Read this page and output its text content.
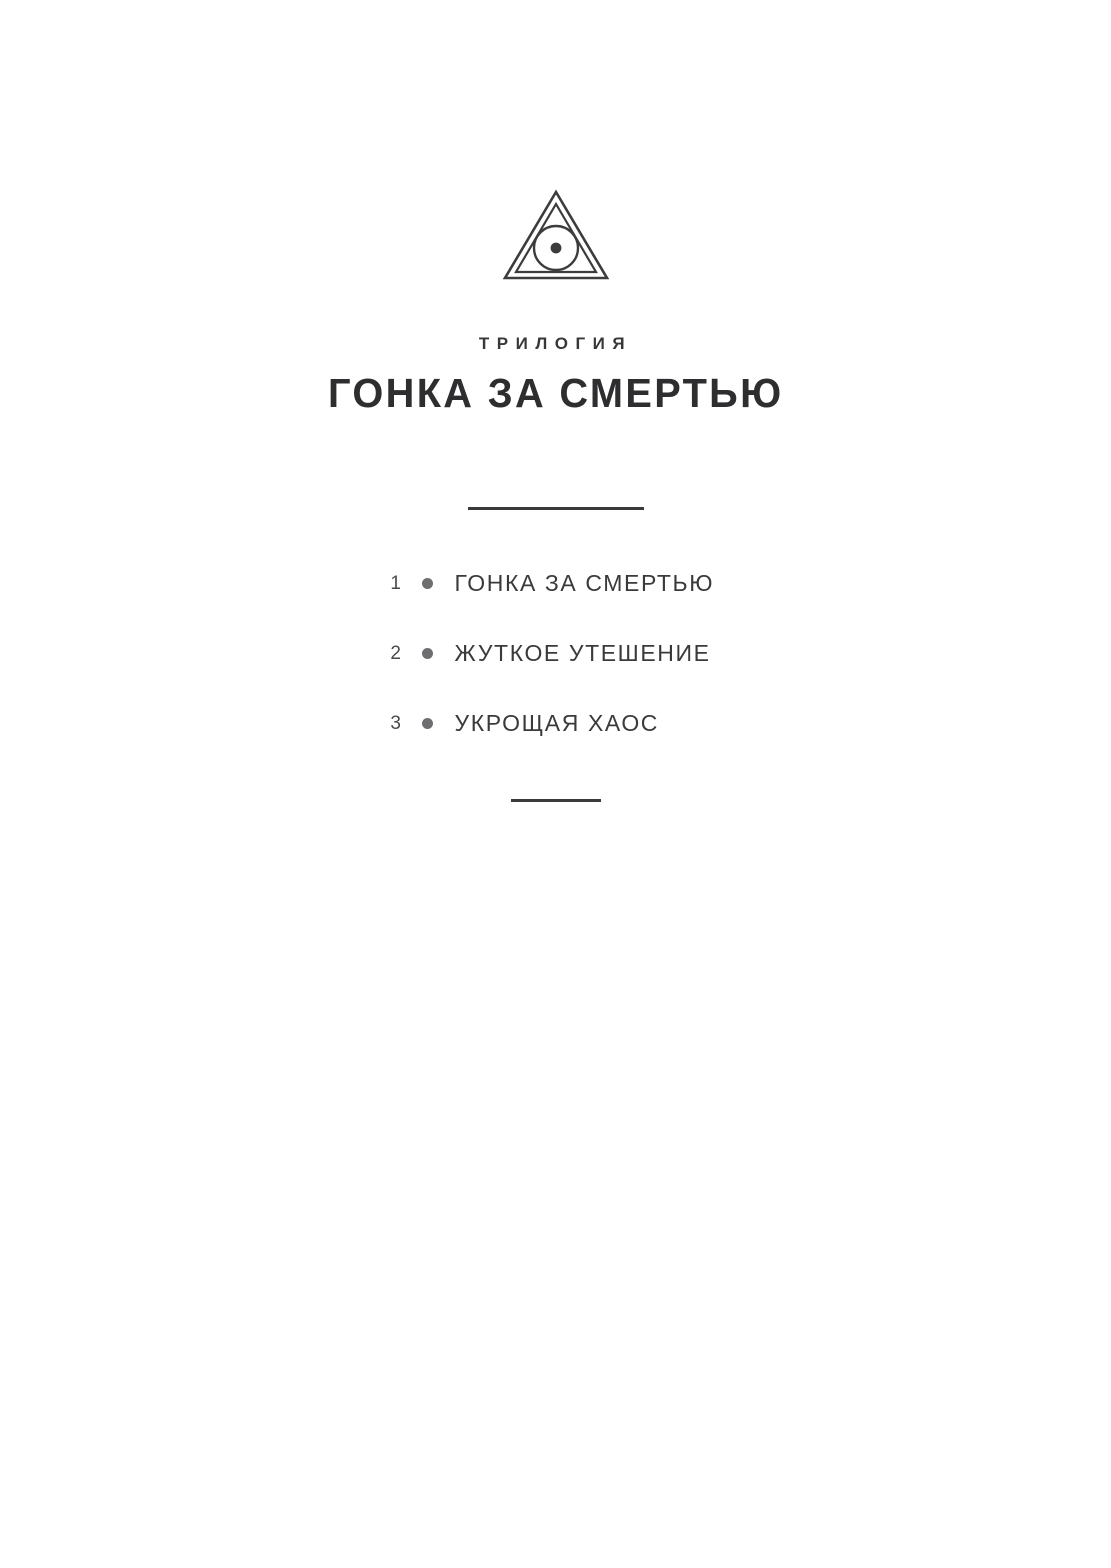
ТРИЛОГИЯ
ГОНКА ЗА СМЕРТЬЮ
1 ГОНКА ЗА СМЕРТЬЮ
2 ЖУТКОЕ УТЕШЕНИЕ
3 УКРОЩАЯ ХАОС
